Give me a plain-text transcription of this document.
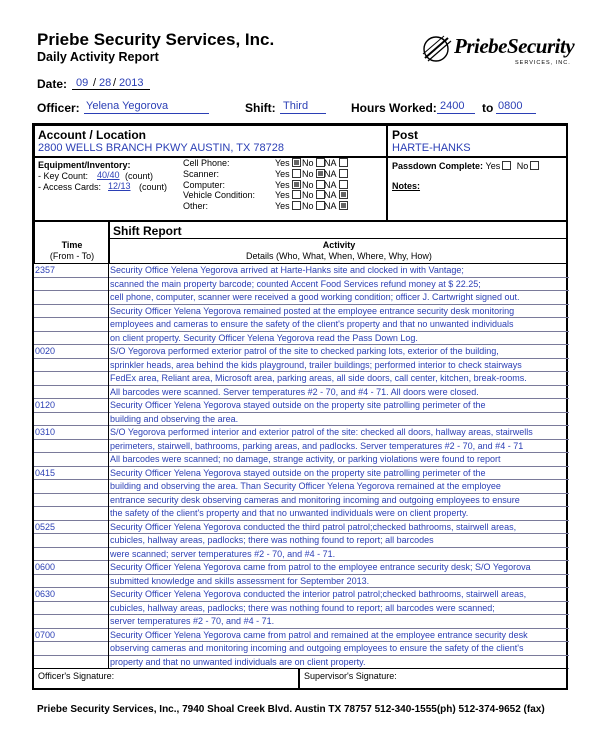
Priebe Security Services, Inc.
Daily Activity Report	PriebeSecurity
SERVICES, INC.
Date: 09 / 28 / 2013
Officer: Yelena Yegorova	Shift: Third	Hours Worked: 2400 to 0800
Account / Location
2800 WELLS BRANCH PKWY AUSTIN, TX 78728
Post
HARTE-HANKS
Equipment/Inventory:
- Key Count: 40/40 (count)
- Access Cards: 12/13 (count)
Cell Phone:	Yes	No	NA
Scanner:	Yes	No	NA
Computer:	Yes	No	NA
Vehicle Condition: Yes	No	NA
Other:	Yes	No	NA
Passdown Complete: Yes No
Notes:
Shift Report
Time
(From - To)
Activity
Details (Who, What, When, Where, Why, How)
2357	Security Office Yelena Yegorova arrived at Harte-Hanks site and clocked in with Vantage;
scanned the main property barcode; counted Accent Food Services refund money at $ 22.25;
cell phone, computer, scanner were received a good working condition; officer J. Cartwright signed out.
Security Officer Yelena Yegorova remained posted at the employee entrance security desk monitoring
employees and cameras to ensure the safety of the client's property and that no unwanted individuals
on client property. Security Officer Yelena Yegorova read the Pass Down Log.
0020	S/O Yegorova performed exterior patrol of the site to checked parking lots, exterior of the building,
sprinkler heads, area behind the kids playground, trailer buildings; performed interior to check stairways
FedEx area, Reliant area, Microsoft area, parking areas, all side doors, call center, kitchen, break-rooms.
All barcodes were scanned. Server temperatures #2 - 70, and #4 - 71. All doors were closed.
0120	Security Officer Yelena Yegorova stayed outside on the property site patrolling perimeter of the
building and observing the area.
0310	S/O Yegorova performed interior and exterior patrol of the site: checked all doors, hallway areas, stairwells
perimeters, stairwell, bathrooms, parking areas, and padlocks. Server temperatures #2 - 70, and #4 - 71
All barcodes were scanned; no damage, strange activity, or parking violations were found to report
0415	Security Officer Yelena Yegorova stayed outside on the property site patrolling perimeter of the
building and observing the area. Than Security Officer Yelena Yegorova remained at the employee
entrance security desk observing cameras and monitoring incoming and outgoing employees to ensure
the safety of the client's property and that no unwanted individuals were on client property.
0525	Security Officer Yelena Yegorova conducted the third patrol patrol;checked bathrooms, stairwell areas,
cubicles, hallway areas, padlocks; there was nothing found to report; all barcodes
were scanned; server temperatures #2 - 70, and #4 - 71.
0600	Security Officer Yelena Yegorova came from patrol to the employee entrance security desk; S/O Yegorova
submitted knowledge and skills assessment for September 2013.
0630	Security Officer Yelena Yegorova conducted the interior patrol patrol;checked bathrooms, stairwell areas,
cubicles, hallway areas, padlocks; there was nothing found to report; all barcodes were scanned;
server temperatures #2 - 70, and #4 - 71.
0700	Security Officer Yelena Yegorova came from patrol and remained at the employee entrance security desk
observing cameras and monitoring incoming and outgoing employees to ensure the safety of the client's
property and that no unwanted individuals are on client property.
Officer's Signature:	Supervisor's Signature:
Priebe Security Services, Inc., 7940 Shoal Creek Blvd. Austin TX 78757 512-340-1555(ph) 512-374-9652 (fax)
